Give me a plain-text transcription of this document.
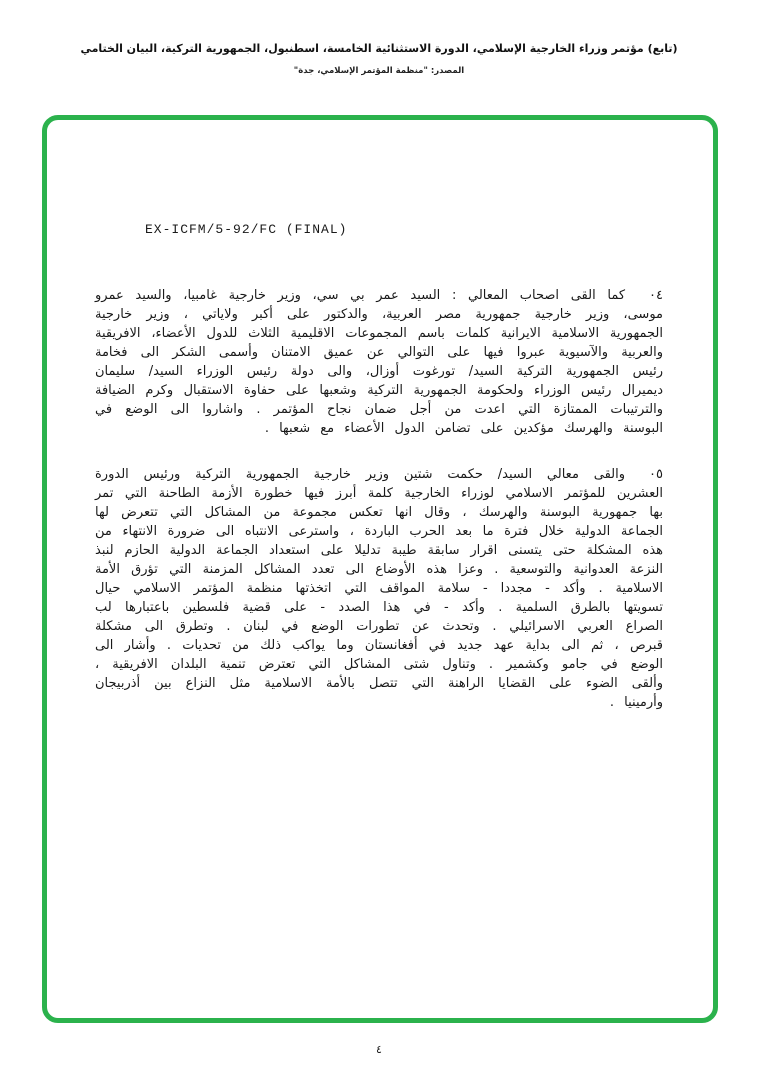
(تابع) مؤتمر وزراء الخارجية الإسلامي، الدورة الاستثنائية الخامسة، اسطنبول، الجمهورية التركية، البيان الختامي
المصدر: "منظمة المؤتمر الإسلامي، جدة"
EX-ICFM/5-92/FC (FINAL)

٠٤كما القى اصحاب المعالي : السيد عمر بي سي، وزير خارجية غامبيا، والسيد عمرو موسى، وزير خارجية جمهورية مصر العربية، والدكتور على أكبر ولاياتي ، وزير خارجية الجمهورية الاسلامية الايرانية كلمات باسم المجموعات الاقليمية الثلاث للدول الأعضاء، الافريقية والعربية والآسيوية عبروا فيها على التوالي عن عميق الامتنان وأسمى الشكر الى فخامة رئيس الجمهورية التركية السيد/ تورغوت أوزال، والى دولة رئيس الوزراء السيد/ سليمان ديميرال رئيس الوزراء ولحكومة الجمهورية التركية وشعبها على حفاوة الاستقبال وكرم الضيافة والترتيبات الممتازة التي اعدت من أجل ضمان نجاح المؤتمر . واشاروا الى الوضع في البوسنة والهرسك مؤكدين على تضامن الدول الأعضاء مع شعبها .

٠٥والقى معالي السيد/ حكمت شتين وزير خارجية الجمهورية التركية ورئيس الدورة العشرين للمؤتمر الاسلامي لوزراء الخارجية كلمة أبرز فيها خطورة الأزمة الطاحنة التي تمر بها جمهورية البوسنة والهرسك ، وقال انها تعكس مجموعة من المشاكل التي تتعرض لها الجماعة الدولية خلال فترة ما بعد الحرب الباردة ، واسترعى الانتباه الى ضرورة الانتهاء من هذه المشكلة حتى يتسنى اقرار سابقة طيبة تدليلا على استعداد الجماعة الدولية الحازم لنبذ النزعة العدوانية والتوسعية . وعزا هذه الأوضاع الى تعدد المشاكل المزمنة التي تؤرق الأمة الاسلامية . وأكد - مجددا - سلامة المواقف التي اتخذتها منظمة المؤتمر الاسلامي حيال تسويتها بالطرق السلمية . وأكد - في هذا الصدد - على قضية فلسطين باعتبارها لب الصراع العربي الاسرائيلي . وتحدث عن تطورات الوضع في لبنان . وتطرق الى مشكلة قبرص ، ثم الى بداية عهد جديد في أفغانستان وما يواكب ذلك من تحديات . وأشار الى الوضع في جامو وكشمير . وتناول شتى المشاكل التي تعترض تنمية البلدان الافريقية ، وألقى الضوء على القضايا الراهنة التي تتصل بالأمة الاسلامية مثل النزاع بين أذربيجان وأرمينيا .

٤
